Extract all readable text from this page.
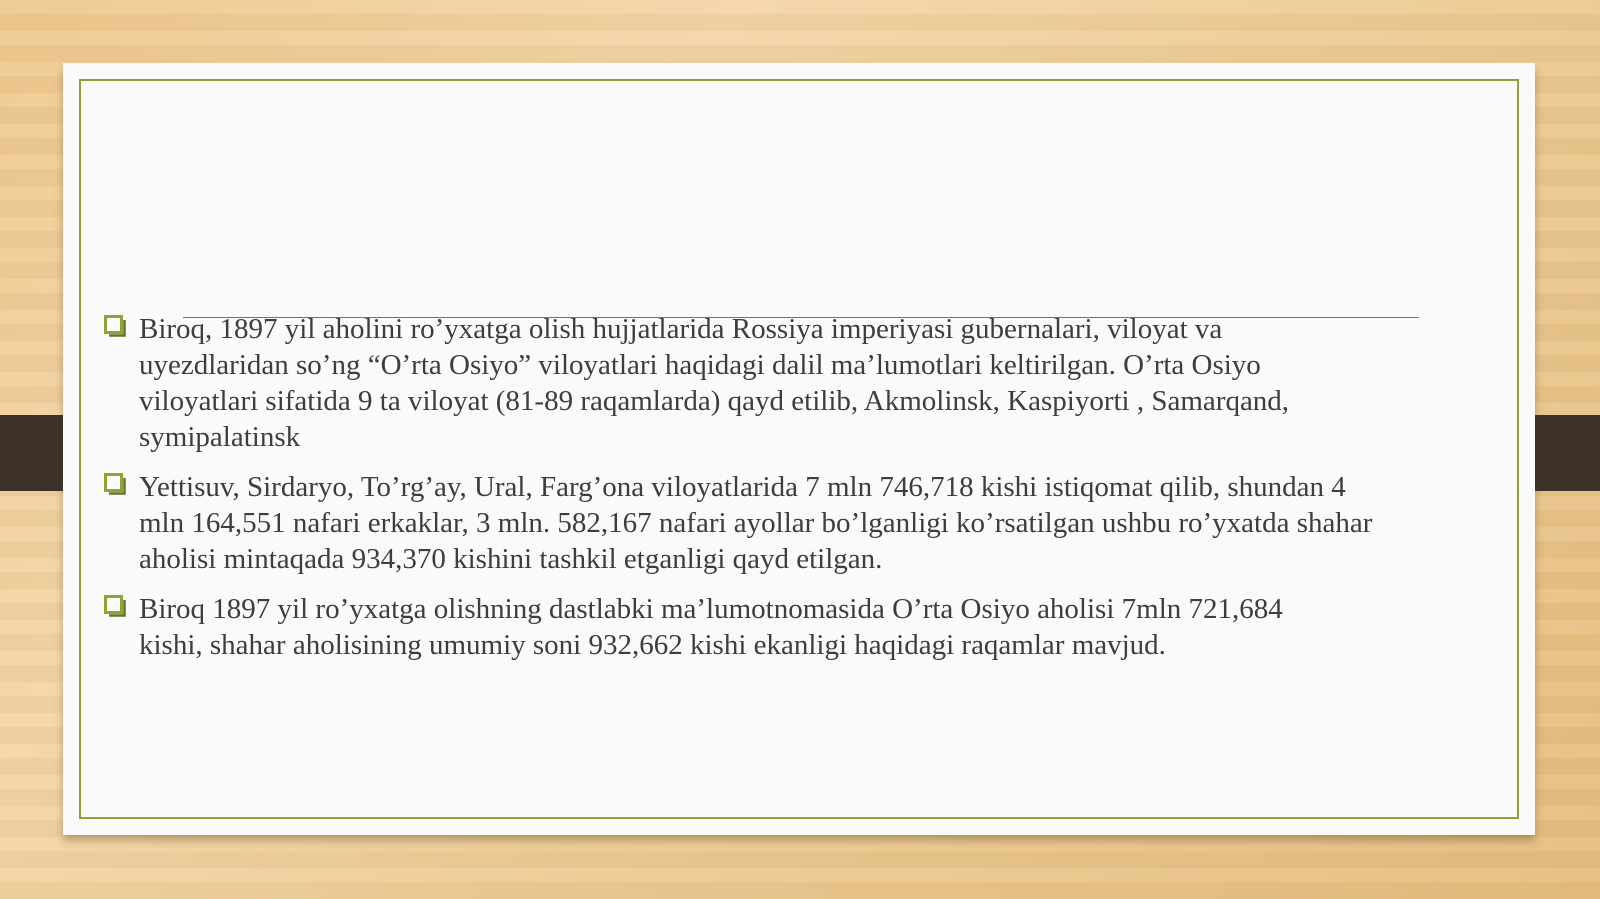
Biroq, 1897 yil aholini ro’yxatga olish hujjatlarida Rossiya imperiyasi gubernalari, viloyat va uyezdlaridan so’ng “O’rta Osiyo” viloyatlari haqidagi dalil ma’lumotlari keltirilgan. O’rta Osiyo viloyatlari sifatida 9 ta viloyat (81-89 raqamlarda) qayd etilib, Akmolinsk, Kaspiyorti , Samarqand, symipalatinsk
Yettisuv, Sirdaryo, To’rg’ay, Ural, Farg’ona viloyatlarida 7 mln 746,718 kishi istiqomat qilib, shundan 4 mln 164,551 nafari erkaklar, 3 mln. 582,167 nafari ayollar bo’lganligi ko’rsatilgan ushbu ro’yxatda shahar aholisi mintaqada 934,370 kishini tashkil etganligi qayd etilgan.
Biroq 1897 yil ro’yxatga olishning dastlabki ma’lumotnomasida O’rta Osiyo aholisi 7mln 721,684 kishi, shahar aholisining umumiy soni 932,662 kishi ekanligi haqidagi raqamlar mavjud.
